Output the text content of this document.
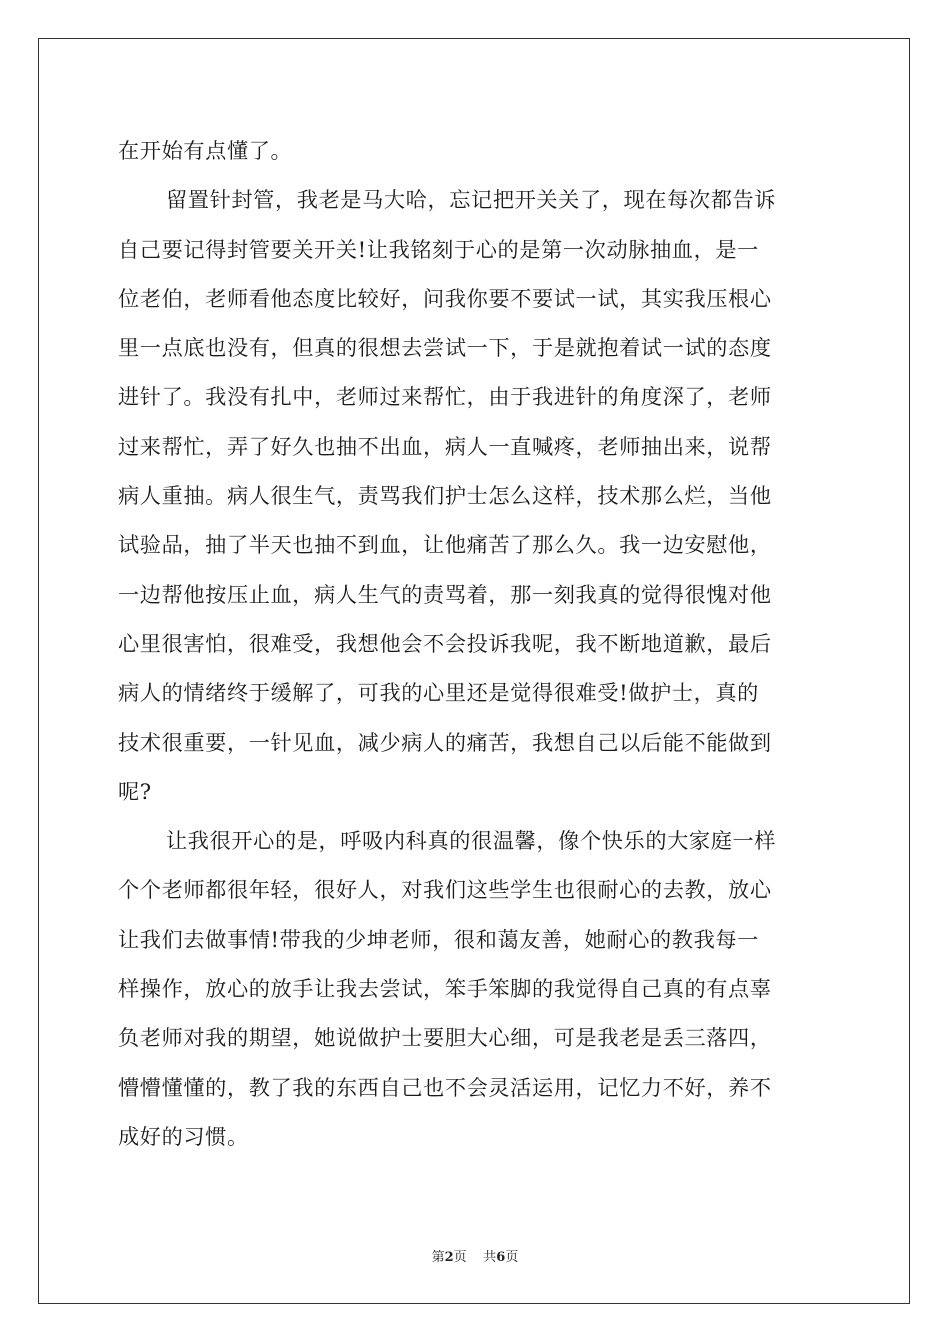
在开始有点懂了。
留置针封管，我老是马大哈，忘记把开关关了，现在每次都告诉
自己要记得封管要关开关!让我铭刻于心的是第一次动脉抽血，是一
位老伯，老师看他态度比较好，问我你要不要试一试，其实我压根心
里一点底也没有，但真的很想去尝试一下，于是就抱着试一试的态度
进针了。我没有扎中，老师过来帮忙，由于我进针的角度深了，老师
过来帮忙，弄了好久也抽不出血，病人一直喊疼，老师抽出来，说帮
病人重抽。病人很生气，责骂我们护士怎么这样，技术那么烂，当他
试验品，抽了半天也抽不到血，让他痛苦了那么久。我一边安慰他，
一边帮他按压止血，病人生气的责骂着，那一刻我真的觉得很愧对他
心里很害怕，很难受，我想他会不会投诉我呢，我不断地道歉，最后
病人的情绪终于缓解了，可我的心里还是觉得很难受!做护士，真的
技术很重要，一针见血，减少病人的痛苦，我想自己以后能不能做到
呢?
让我很开心的是，呼吸内科真的很温馨，像个快乐的大家庭一样
个个老师都很年轻，很好人，对我们这些学生也很耐心的去教，放心
让我们去做事情!带我的少坤老师，很和蔼友善，她耐心的教我每一
样操作，放心的放手让我去尝试，笨手笨脚的我觉得自己真的有点辜
负老师对我的期望，她说做护士要胆大心细，可是我老是丢三落四，
懵懵懂懂的，教了我的东西自己也不会灵活运用，记忆力不好，养不
成好的习惯。
第2页 共6页
